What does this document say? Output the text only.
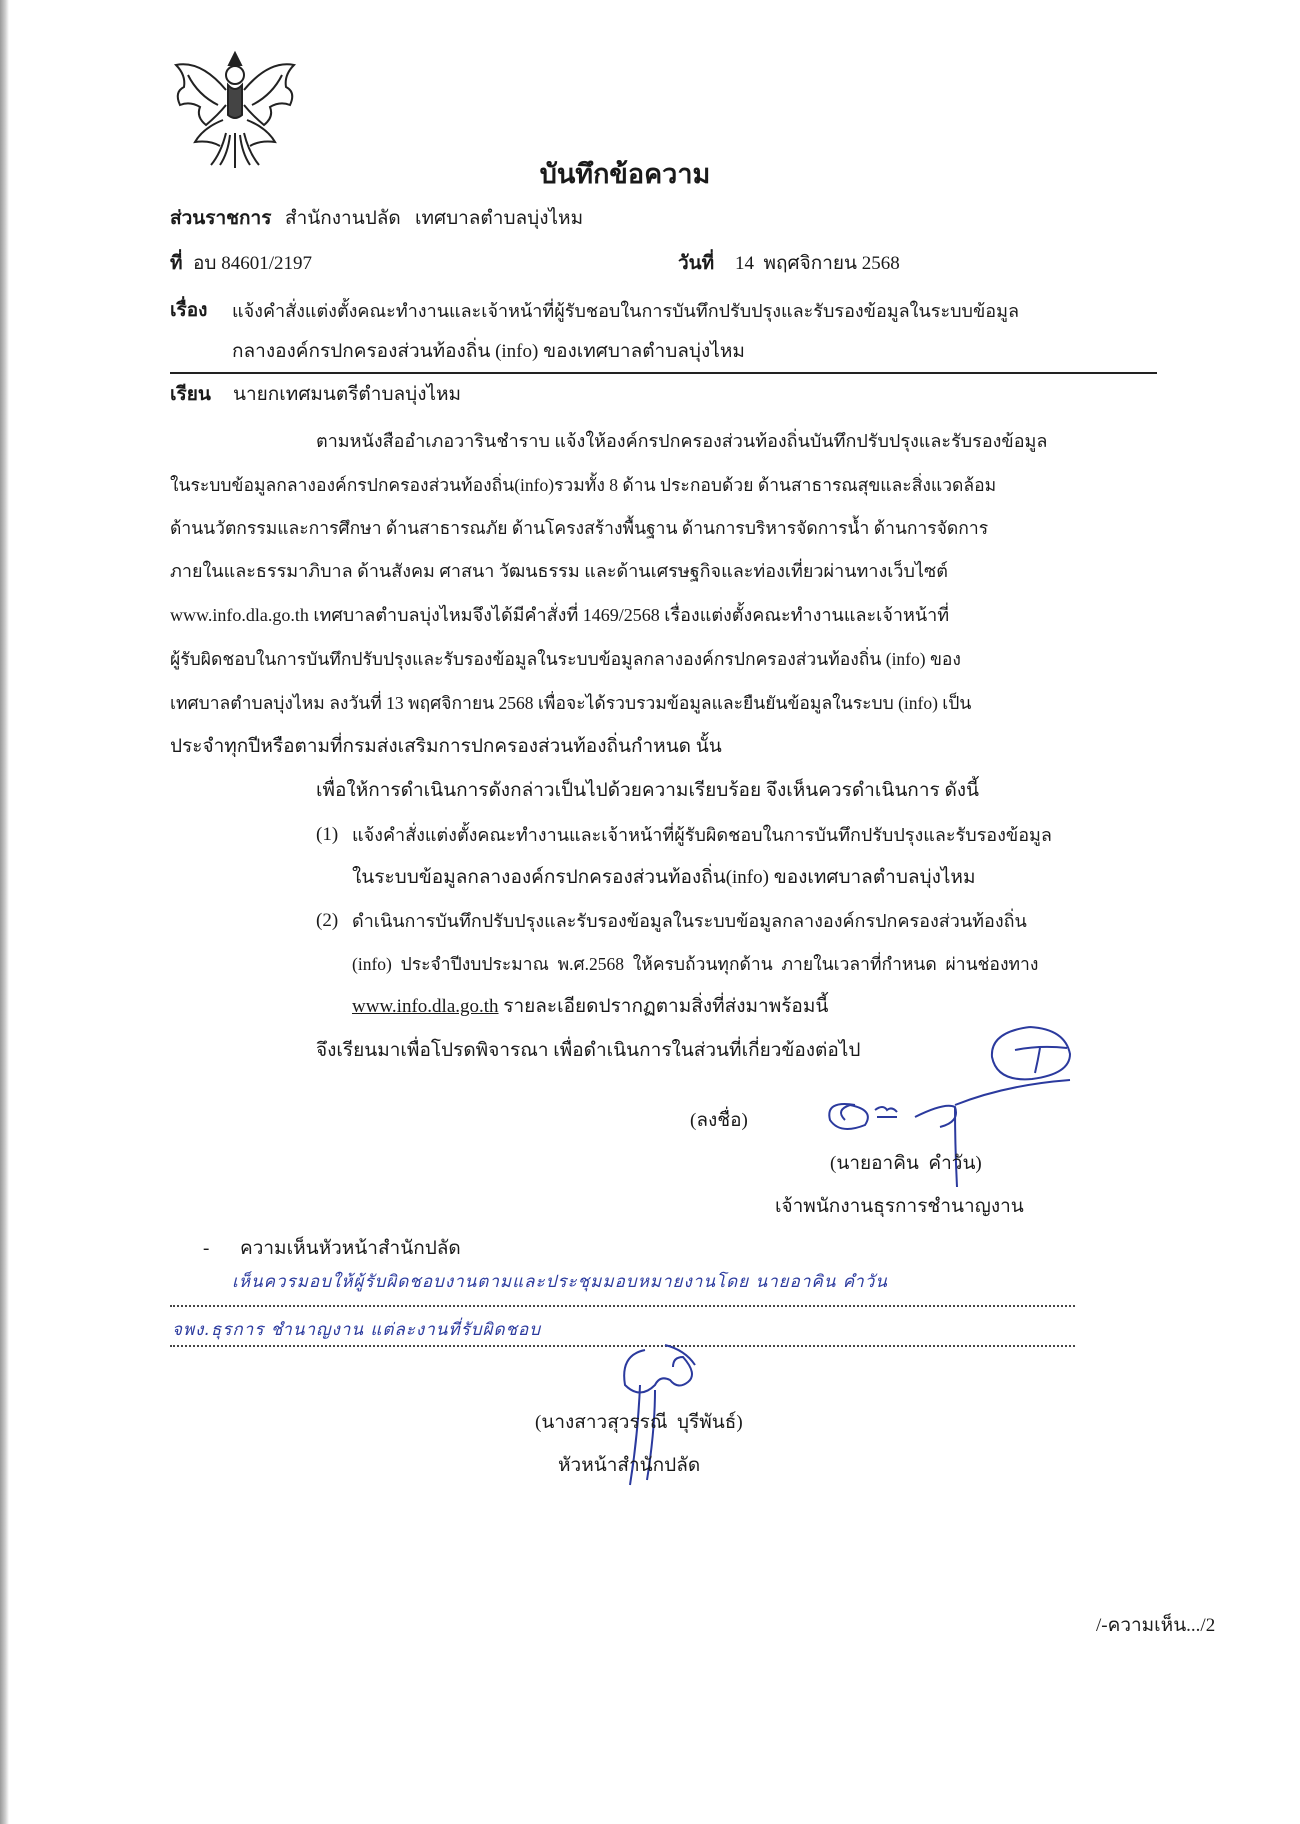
บันทึกข้อความ
ส่วนราชการ สำนักงานปลัด   เทศบาลตำบลบุ่งไหม
ที่ อบ 84601/2197	วันที่ 14  พฤศจิกายน 2568
เรื่อง แจ้งคำสั่งแต่งตั้งคณะทำงานและเจ้าหน้าที่ผู้รับชอบในการบันทึกปรับปรุงและรับรองข้อมูลในระบบข้อมูล
กลางองค์กรปกครองส่วนท้องถิ่น (info) ของเทศบาลตำบลบุ่งไหม
เรียน นายกเทศมนตรีตำบลบุ่งไหม
ตามหนังสืออำเภอวารินชำราบ แจ้งให้องค์กรปกครองส่วนท้องถิ่นบันทึกปรับปรุงและรับรองข้อมูล
ในระบบข้อมูลกลางองค์กรปกครองส่วนท้องถิ่น(info)รวมทั้ง 8 ด้าน ประกอบด้วย ด้านสาธารณสุขและสิ่งแวดล้อม
ด้านนวัตกรรมและการศึกษา ด้านสาธารณภัย ด้านโครงสร้างพื้นฐาน ด้านการบริหารจัดการน้ำ ด้านการจัดการ
ภายในและธรรมาภิบาล ด้านสังคม ศาสนา วัฒนธรรม และด้านเศรษฐกิจและท่องเที่ยวผ่านทางเว็บไซต์
www.info.dla.go.th เทศบาลตำบลบุ่งไหมจึงได้มีคำสั่งที่ 1469/2568 เรื่องแต่งตั้งคณะทำงานและเจ้าหน้าที่
ผู้รับผิดชอบในการบันทึกปรับปรุงและรับรองข้อมูลในระบบข้อมูลกลางองค์กรปกครองส่วนท้องถิ่น (info) ของ
เทศบาลตำบลบุ่งไหม ลงวันที่ 13 พฤศจิกายน 2568 เพื่อจะได้รวบรวมข้อมูลและยืนยันข้อมูลในระบบ (info) เป็น
ประจำทุกปีหรือตามที่กรมส่งเสริมการปกครองส่วนท้องถิ่นกำหนด นั้น
เพื่อให้การดำเนินการดังกล่าวเป็นไปด้วยความเรียบร้อย จึงเห็นควรดำเนินการ ดังนี้
(1) แจ้งคำสั่งแต่งตั้งคณะทำงานและเจ้าหน้าที่ผู้รับผิดชอบในการบันทึกปรับปรุงและรับรองข้อมูล
ในระบบข้อมูลกลางองค์กรปกครองส่วนท้องถิ่น(info) ของเทศบาลตำบลบุ่งไหม
(2) ดำเนินการบันทึกปรับปรุงและรับรองข้อมูลในระบบข้อมูลกลางองค์กรปกครองส่วนท้องถิ่น
(info)  ประจำปีงบประมาณ  พ.ศ.2568  ให้ครบถ้วนทุกด้าน  ภายในเวลาที่กำหนด  ผ่านช่องทาง
www.info.dla.go.th รายละเอียดปรากฏตามสิ่งที่ส่งมาพร้อมนี้
จึงเรียนมาเพื่อโปรดพิจารณา เพื่อดำเนินการในส่วนที่เกี่ยวข้องต่อไป
(ลงชื่อ)
(นายอาคิน  คำวัน)
เจ้าพนักงานธุรการชำนาญงาน
- ความเห็นหัวหน้าสำนักปลัด
เห็นควรมอบให้ผู้รับผิดชอบงานตามและประชุมมอบหมายงานโดย นายอาคิน คำวัน
จพง.ธุรการ ชำนาญงาน แต่ละงานที่รับผิดชอบ
(นางสาวสุวรรณี  บุรีพันธ์)
หัวหน้าสำนักปลัด
/-ความเห็น.../2
